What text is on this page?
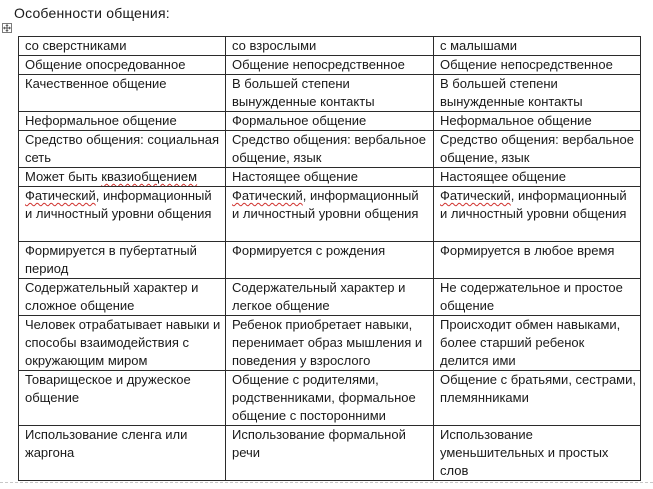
Особенности общения:
со сверстниками	со взрослыми	с малышами
Общение опосредованное	Общение непосредственное	Общение непосредственное
Качественное общение	В большей степени вынужденные контакты	В большей степени вынужденные контакты
Неформальное общение	Формальное общение	Неформальное общение
Средство общения: социальная сеть	Средство общения: вербальное общение, язык	Средство общения: вербальное общение, язык
Может быть квазиобщением	Настоящее общение	Настоящее общение
Фатический, информационный и личностный уровни общения	Фатический, информационный и личностный уровни общения	Фатический, информационный и личностный уровни общения
Формируется в пубертатный период	Формируется с рождения	Формируется в любое время
Содержательный характер и сложное общение	Содержательный характер и легкое общение	Не содержательное и простое общение
Человек отрабатывает навыки и способы взаимодействия с окружающим миром	Ребенок приобретает навыки, перенимает образ мышления и поведения у взрослого	Происходит обмен навыками, более старший ребенок делится ими
Товарищеское и дружеское общение	Общение с родителями, родственниками, формальное общение с посторонними	Общение с братьями, сестрами, племянниками
Использование сленга или жаргона	Использование формальной речи	Использование уменьшительных и простых слов
